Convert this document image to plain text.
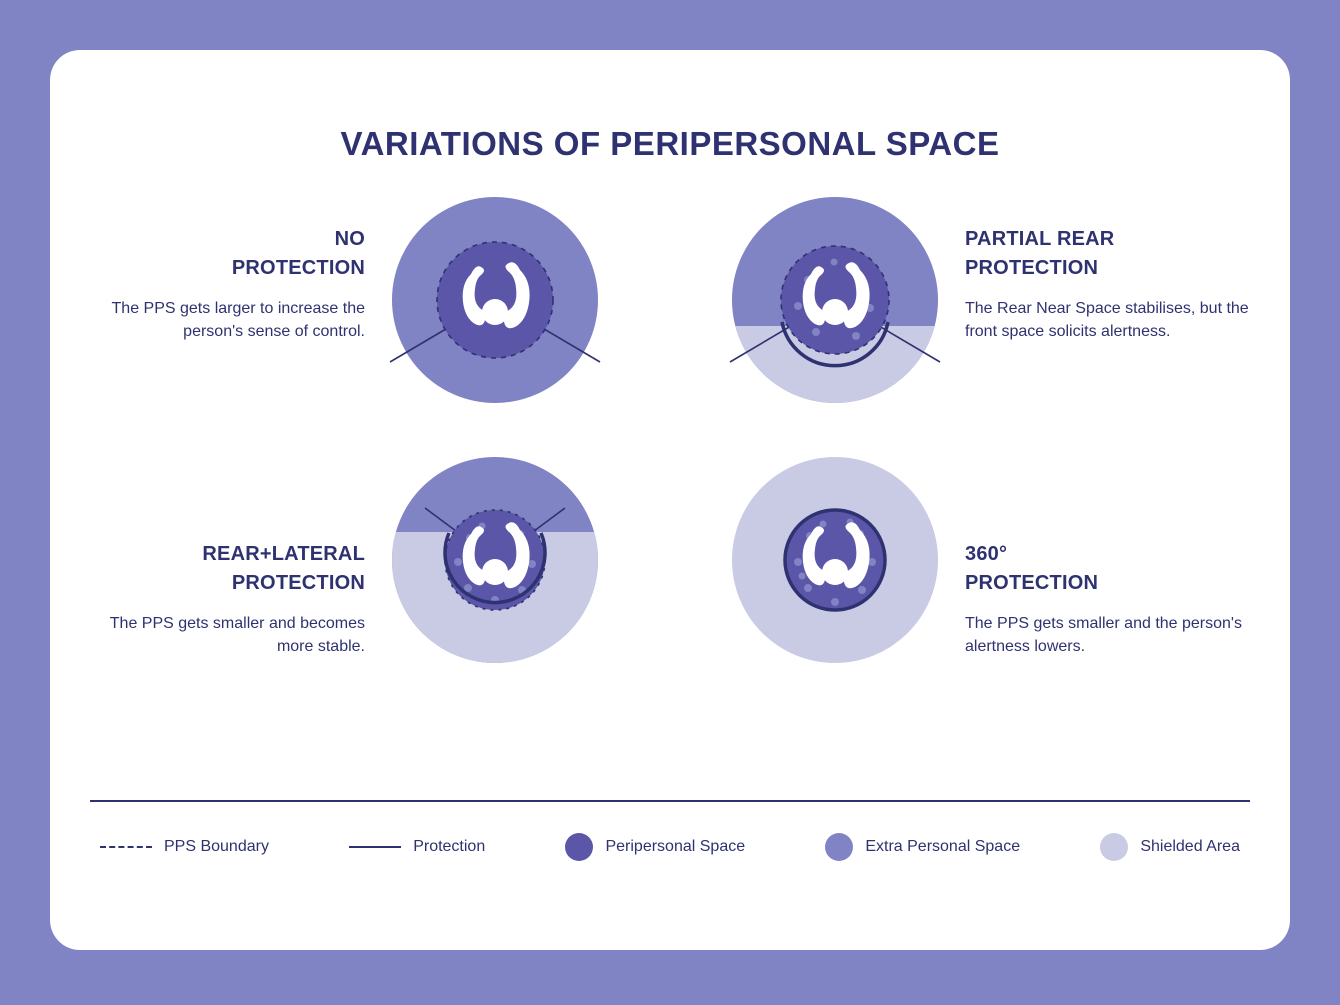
VARIATIONS OF PERIPERSONAL SPACE
NO
PROTECTION
The PPS gets larger to increase the person's sense of control.
PARTIAL REAR
PROTECTION
The Rear Near Space stabilises, but the front space solicits alertness.
REAR+LATERAL
PROTECTION
The PPS gets smaller and becomes more stable.
360°
PROTECTION
The PPS gets smaller and the person's alertness lowers.
PPS Boundary	Protection	Peripersonal Space	Extra Personal Space	Shielded Area
